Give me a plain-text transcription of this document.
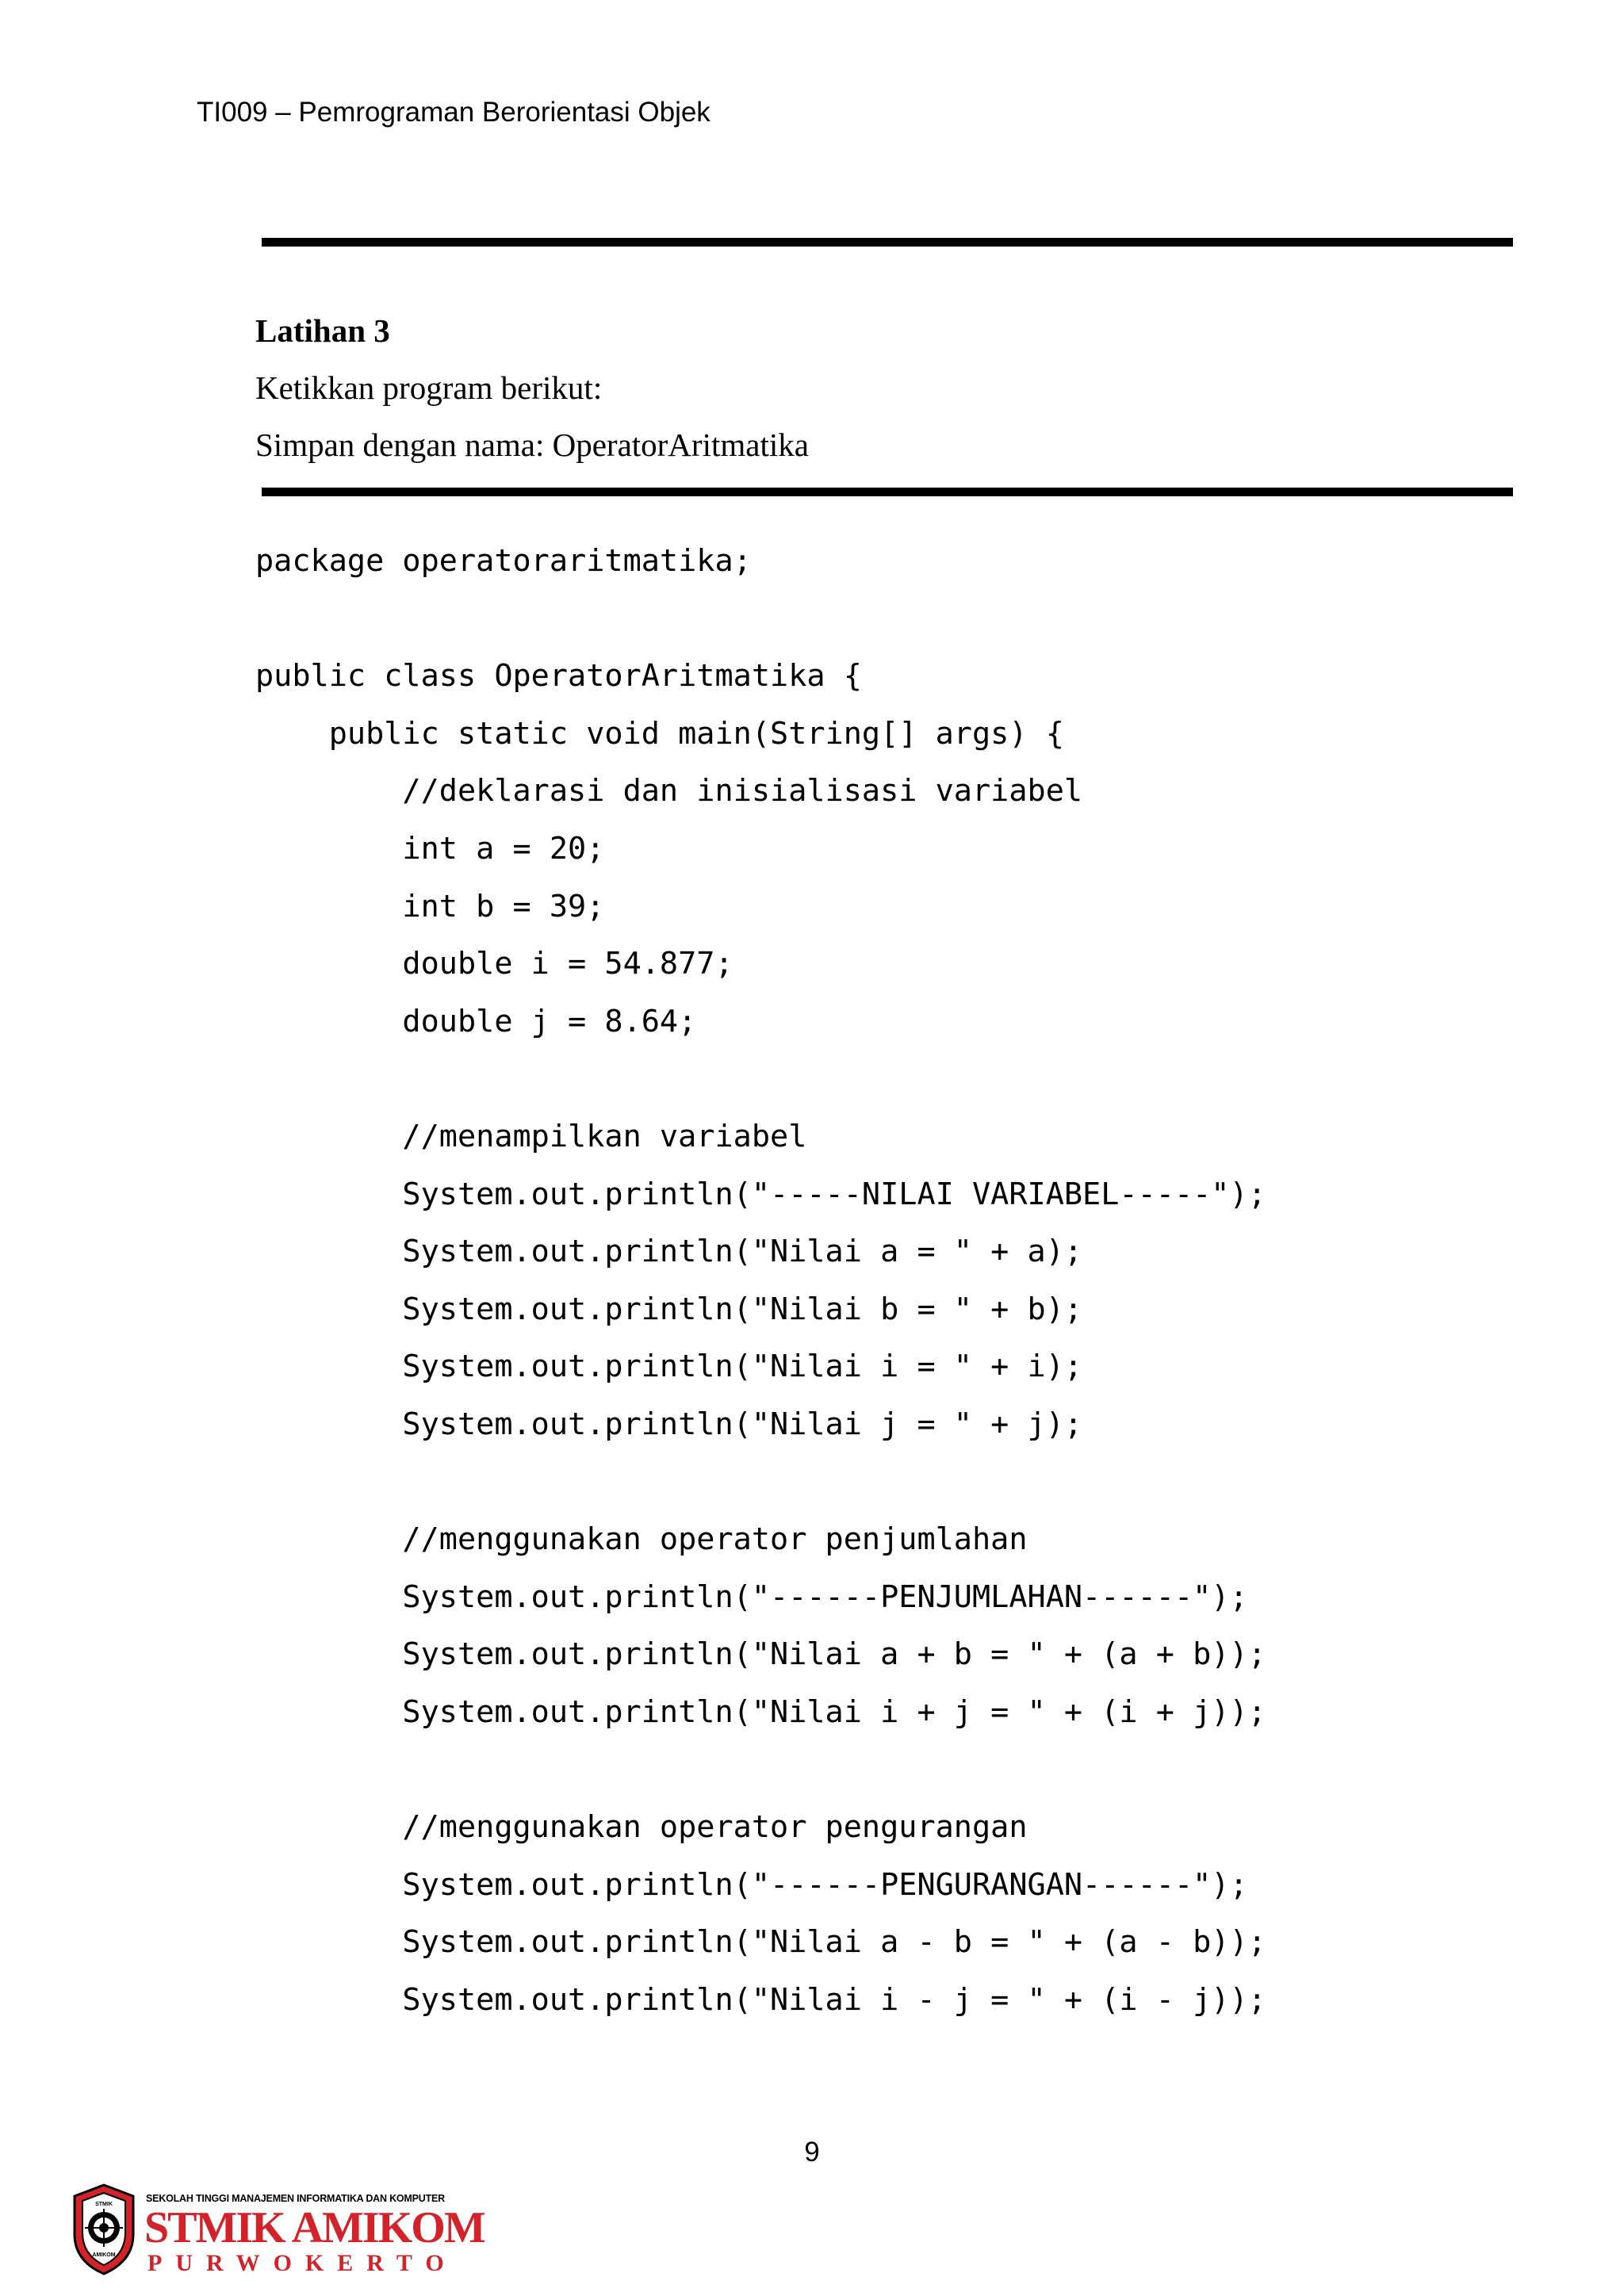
TI009 – Pemrograman Berorientasi Objek
Latihan 3
Ketikkan program berikut:
Simpan dengan nama: OperatorAritmatika
package operatoraritmatika;
public class OperatorAritmatika {
public static void main(String[] args) {
//deklarasi dan inisialisasi variabel
int a = 20;
int b = 39;
double i = 54.877;
double j = 8.64;
//menampilkan variabel
System.out.println("-----NILAI VARIABEL-----");
System.out.println("Nilai a = " + a);
System.out.println("Nilai b = " + b);
System.out.println("Nilai i = " + i);
System.out.println("Nilai j = " + j);
//menggunakan operator penjumlahan
System.out.println("------PENJUMLAHAN------");
System.out.println("Nilai a + b = " + (a + b));
System.out.println("Nilai i + j = " + (i + j));
//menggunakan operator pengurangan
System.out.println("------PENGURANGAN------");
System.out.println("Nilai a - b = " + (a - b));
System.out.println("Nilai i - j = " + (i - j));
9
STMIK
AMIKOM
SEKOLAH TINGGI MANAJEMEN INFORMATIKA DAN KOMPUTER
STMIK AMIKOM
PURWOKERTO
